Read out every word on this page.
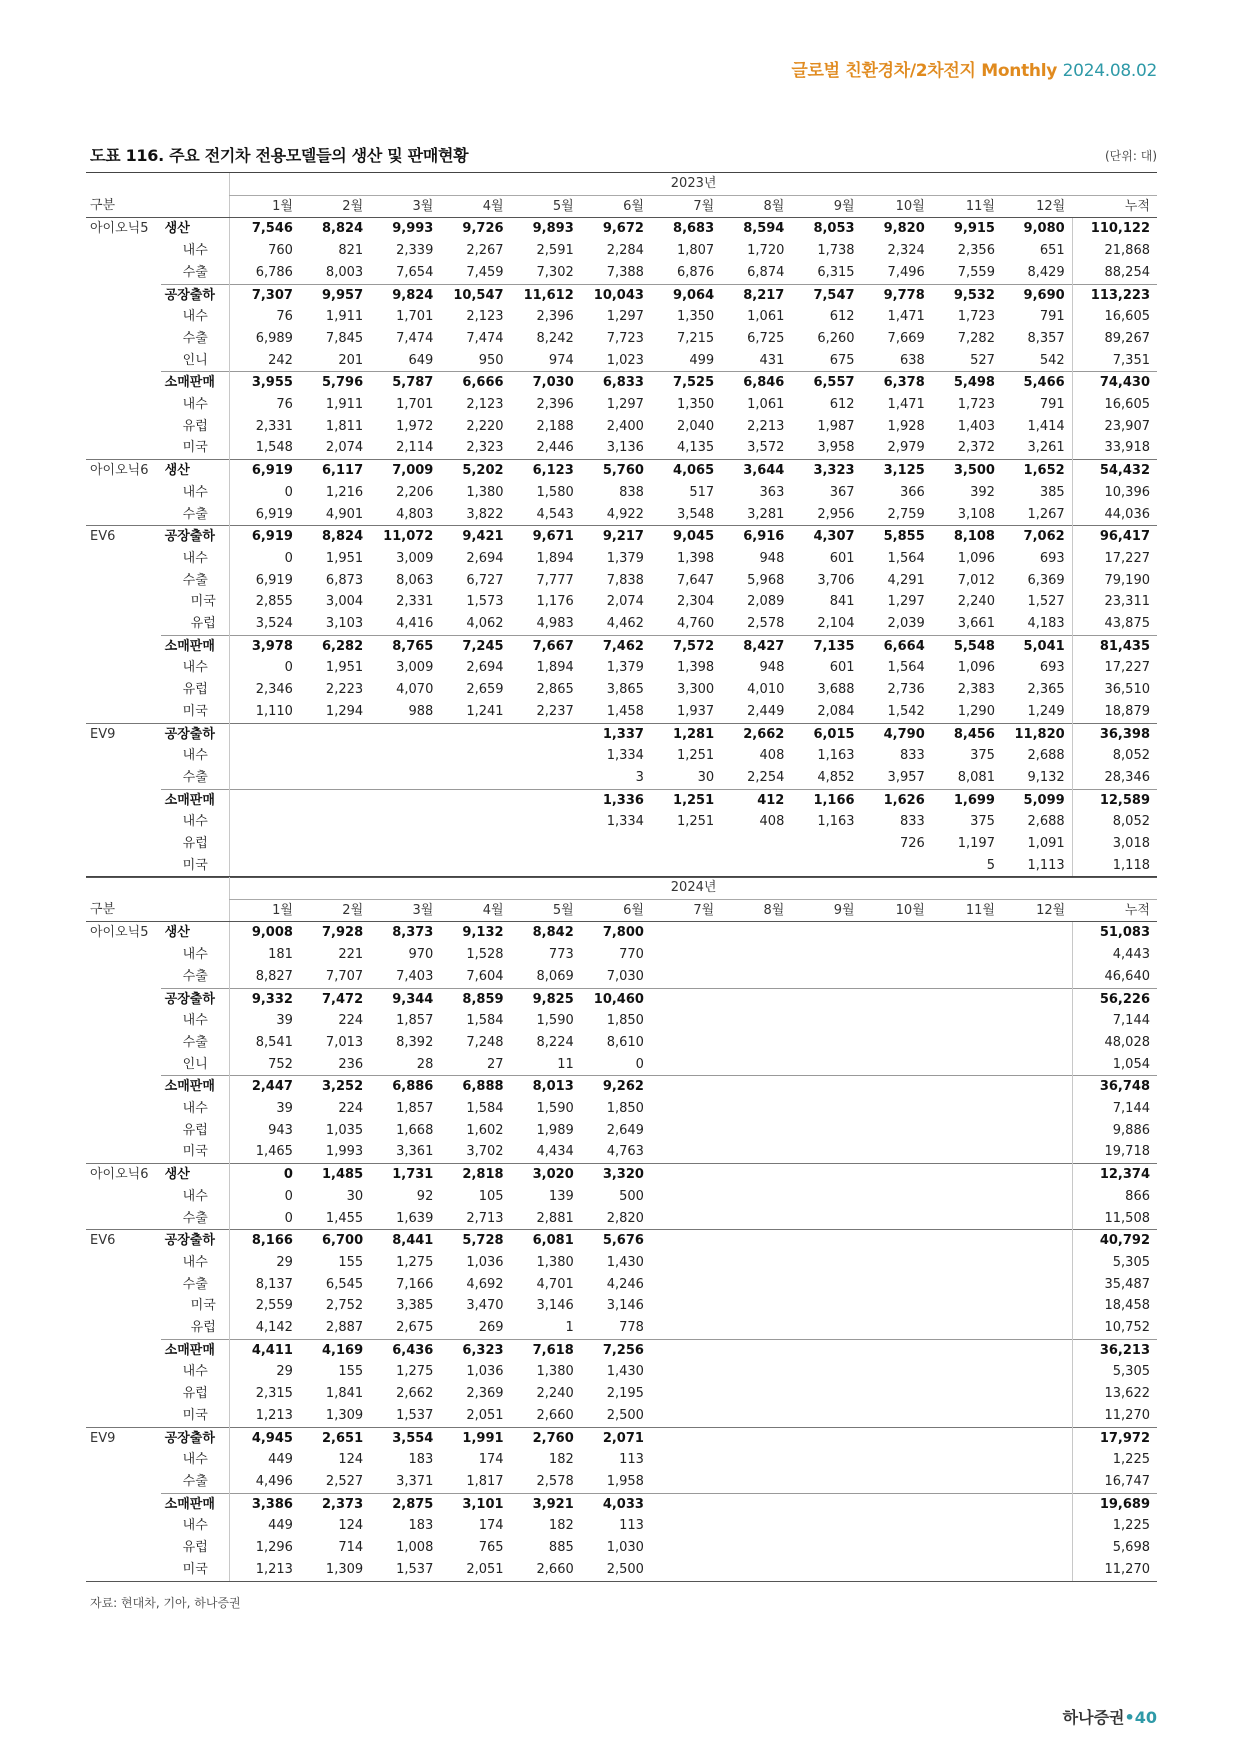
글로벌 친환경차/2차전지 Monthly 2024.08.02
도표 116. 주요 전기차 전용모델들의 생산 및 판매현황	(단위: 대)
		2023년												
구분		1월	2월	3월	4월	5월	6월	7월	8월	9월	10월	11월	12월	누적
아이오닉5	생산	7,546	8,824	9,993	9,726	9,893	9,672	8,683	8,594	8,053	9,820	9,915	9,080	110,122
	내수	760	821	2,339	2,267	2,591	2,284	1,807	1,720	1,738	2,324	2,356	651	21,868
	수출	6,786	8,003	7,654	7,459	7,302	7,388	6,876	6,874	6,315	7,496	7,559	8,429	88,254
	공장출하	7,307	9,957	9,824	10,547	11,612	10,043	9,064	8,217	7,547	9,778	9,532	9,690	113,223
	내수	76	1,911	1,701	2,123	2,396	1,297	1,350	1,061	612	1,471	1,723	791	16,605
	수출	6,989	7,845	7,474	7,474	8,242	7,723	7,215	6,725	6,260	7,669	7,282	8,357	89,267
	인니	242	201	649	950	974	1,023	499	431	675	638	527	542	7,351
	소매판매	3,955	5,796	5,787	6,666	7,030	6,833	7,525	6,846	6,557	6,378	5,498	5,466	74,430
	내수	76	1,911	1,701	2,123	2,396	1,297	1,350	1,061	612	1,471	1,723	791	16,605
	유럽	2,331	1,811	1,972	2,220	2,188	2,400	2,040	2,213	1,987	1,928	1,403	1,414	23,907
	미국	1,548	2,074	2,114	2,323	2,446	3,136	4,135	3,572	3,958	2,979	2,372	3,261	33,918
아이오닉6	생산	6,919	6,117	7,009	5,202	6,123	5,760	4,065	3,644	3,323	3,125	3,500	1,652	54,432
	내수	0	1,216	2,206	1,380	1,580	838	517	363	367	366	392	385	10,396
	수출	6,919	4,901	4,803	3,822	4,543	4,922	3,548	3,281	2,956	2,759	3,108	1,267	44,036
EV6	공장출하	6,919	8,824	11,072	9,421	9,671	9,217	9,045	6,916	4,307	5,855	8,108	7,062	96,417
	내수	0	1,951	3,009	2,694	1,894	1,379	1,398	948	601	1,564	1,096	693	17,227
	수출	6,919	6,873	8,063	6,727	7,777	7,838	7,647	5,968	3,706	4,291	7,012	6,369	79,190
	미국	2,855	3,004	2,331	1,573	1,176	2,074	2,304	2,089	841	1,297	2,240	1,527	23,311
	유럽	3,524	3,103	4,416	4,062	4,983	4,462	4,760	2,578	2,104	2,039	3,661	4,183	43,875
	소매판매	3,978	6,282	8,765	7,245	7,667	7,462	7,572	8,427	7,135	6,664	5,548	5,041	81,435
	내수	0	1,951	3,009	2,694	1,894	1,379	1,398	948	601	1,564	1,096	693	17,227
	유럽	2,346	2,223	4,070	2,659	2,865	3,865	3,300	4,010	3,688	2,736	2,383	2,365	36,510
	미국	1,110	1,294	988	1,241	2,237	1,458	1,937	2,449	2,084	1,542	1,290	1,249	18,879
EV9	공장출하						1,337	1,281	2,662	6,015	4,790	8,456	11,820	36,398
	내수						1,334	1,251	408	1,163	833	375	2,688	8,052
	수출						3	30	2,254	4,852	3,957	8,081	9,132	28,346
	소매판매						1,336	1,251	412	1,166	1,626	1,699	5,099	12,589
	내수						1,334	1,251	408	1,163	833	375	2,688	8,052
	유럽										726	1,197	1,091	3,018
	미국											5	1,113	1,118
		2024년												
구분		1월	2월	3월	4월	5월	6월	7월	8월	9월	10월	11월	12월	누적
아이오닉5	생산	9,008	7,928	8,373	9,132	8,842	7,800							51,083
	내수	181	221	970	1,528	773	770							4,443
	수출	8,827	7,707	7,403	7,604	8,069	7,030							46,640
	공장출하	9,332	7,472	9,344	8,859	9,825	10,460							56,226
	내수	39	224	1,857	1,584	1,590	1,850							7,144
	수출	8,541	7,013	8,392	7,248	8,224	8,610							48,028
	인니	752	236	28	27	11	0							1,054
	소매판매	2,447	3,252	6,886	6,888	8,013	9,262							36,748
	내수	39	224	1,857	1,584	1,590	1,850							7,144
	유럽	943	1,035	1,668	1,602	1,989	2,649							9,886
	미국	1,465	1,993	3,361	3,702	4,434	4,763							19,718
아이오닉6	생산	0	1,485	1,731	2,818	3,020	3,320							12,374
	내수	0	30	92	105	139	500							866
	수출	0	1,455	1,639	2,713	2,881	2,820							11,508
EV6	공장출하	8,166	6,700	8,441	5,728	6,081	5,676							40,792
	내수	29	155	1,275	1,036	1,380	1,430							5,305
	수출	8,137	6,545	7,166	4,692	4,701	4,246							35,487
	미국	2,559	2,752	3,385	3,470	3,146	3,146							18,458
	유럽	4,142	2,887	2,675	269	1	778							10,752
	소매판매	4,411	4,169	6,436	6,323	7,618	7,256							36,213
	내수	29	155	1,275	1,036	1,380	1,430							5,305
	유럽	2,315	1,841	2,662	2,369	2,240	2,195							13,622
	미국	1,213	1,309	1,537	2,051	2,660	2,500							11,270
EV9	공장출하	4,945	2,651	3,554	1,991	2,760	2,071							17,972
	내수	449	124	183	174	182	113							1,225
	수출	4,496	2,527	3,371	1,817	2,578	1,958							16,747
	소매판매	3,386	2,373	2,875	3,101	3,921	4,033							19,689
	내수	449	124	183	174	182	113							1,225
	유럽	1,296	714	1,008	765	885	1,030							5,698
	미국	1,213	1,309	1,537	2,051	2,660	2,500							11,270
자료: 현대차, 기아, 하나증권
하나증권•40
